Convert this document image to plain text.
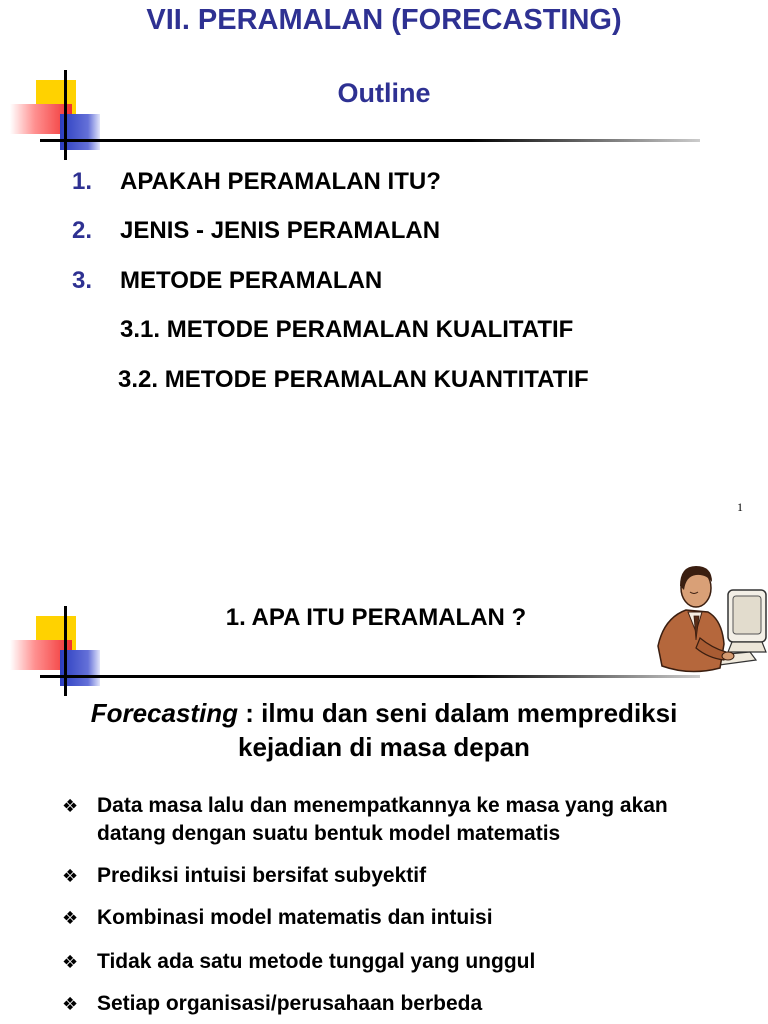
VII. PERAMALAN (FORECASTING)
Outline
1. APAKAH PERAMALAN ITU?
2. JENIS - JENIS PERAMALAN
3. METODE PERAMALAN
3.1. METODE PERAMALAN KUALITATIF
3.2. METODE PERAMALAN KUANTITATIF
1
1. APA ITU PERAMALAN ?
Forecasting : ilmu dan seni dalam memprediksi
kejadian di masa depan
❖ Data masa lalu dan menempatkannya ke masa yang akan datang dengan suatu bentuk model matematis
❖ Prediksi intuisi bersifat subyektif
❖ Kombinasi model matematis dan intuisi
❖ Tidak ada satu metode tunggal yang unggul
❖ Setiap organisasi/perusahaan berbeda
